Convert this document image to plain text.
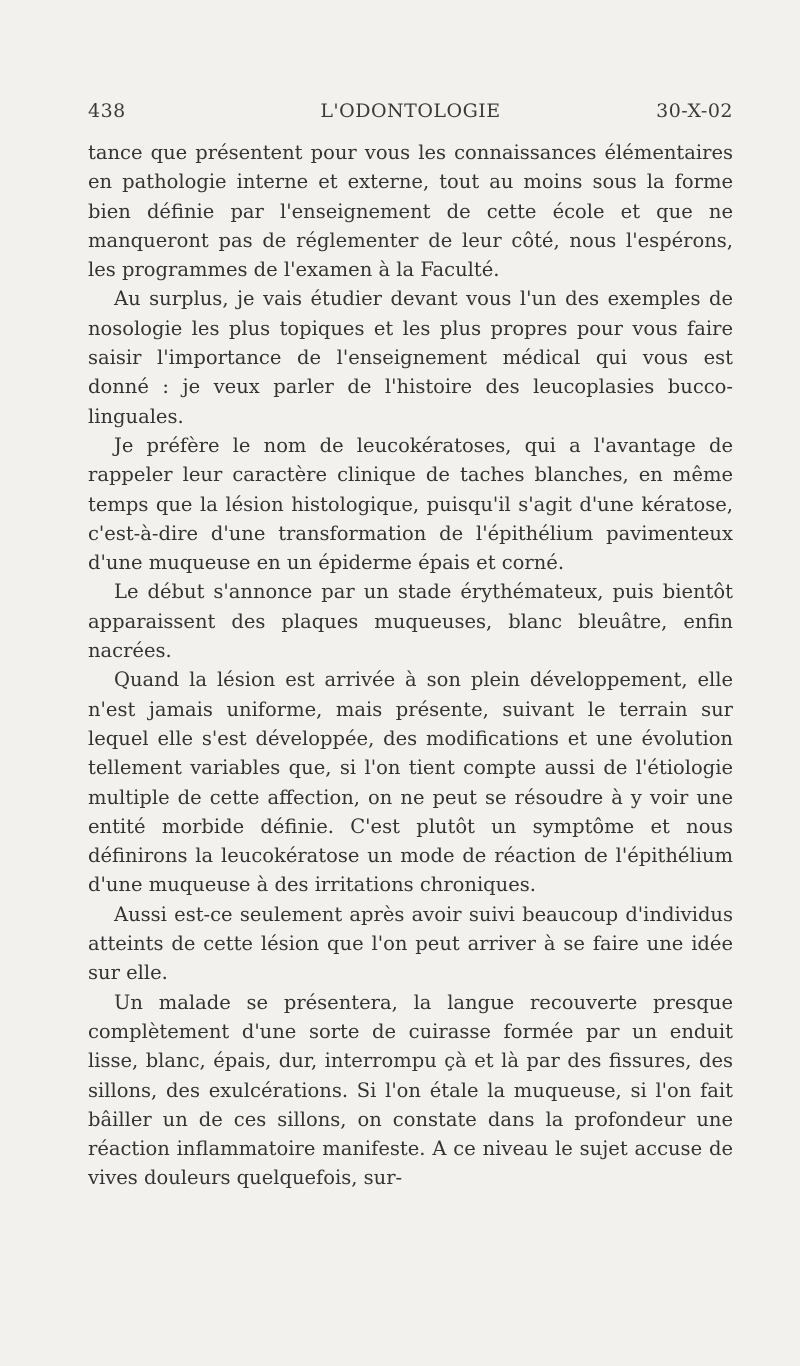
438	L'ODONTOLOGIE	30-X-02

tance que présentent pour vous les connaissances élémentaires en pathologie interne et externe, tout au moins sous la forme bien définie par l'enseignement de cette école et que ne manqueront pas de réglementer de leur côté, nous l'espérons, les programmes de l'examen à la Faculté.

Au surplus, je vais étudier devant vous l'un des exemples de nosologie les plus topiques et les plus propres pour vous faire saisir l'importance de l'enseignement médical qui vous est donné : je veux parler de l'histoire des leucoplasies bucco-linguales.

Je préfère le nom de leucokératoses, qui a l'avantage de rappeler leur caractère clinique de taches blanches, en même temps que la lésion histologique, puisqu'il s'agit d'une kératose, c'est-à-dire d'une transformation de l'épithélium pavimenteux d'une muqueuse en un épiderme épais et corné.

Le début s'annonce par un stade érythémateux, puis bientôt apparaissent des plaques muqueuses, blanc bleuâtre, enfin nacrées.

Quand la lésion est arrivée à son plein développement, elle n'est jamais uniforme, mais présente, suivant le terrain sur lequel elle s'est développée, des modifications et une évolution tellement variables que, si l'on tient compte aussi de l'étiologie multiple de cette affection, on ne peut se résoudre à y voir une entité morbide définie. C'est plutôt un symptôme et nous définirons la leucokératose un mode de réaction de l'épithélium d'une muqueuse à des irritations chroniques.

Aussi est-ce seulement après avoir suivi beaucoup d'individus atteints de cette lésion que l'on peut arriver à se faire une idée sur elle.

Un malade se présentera, la langue recouverte presque complètement d'une sorte de cuirasse formée par un enduit lisse, blanc, épais, dur, interrompu çà et là par des fissures, des sillons, des exulcérations. Si l'on étale la muqueuse, si l'on fait bâiller un de ces sillons, on constate dans la profondeur une réaction inflammatoire manifeste. A ce niveau le sujet accuse de vives douleurs quelquefois, sur-
